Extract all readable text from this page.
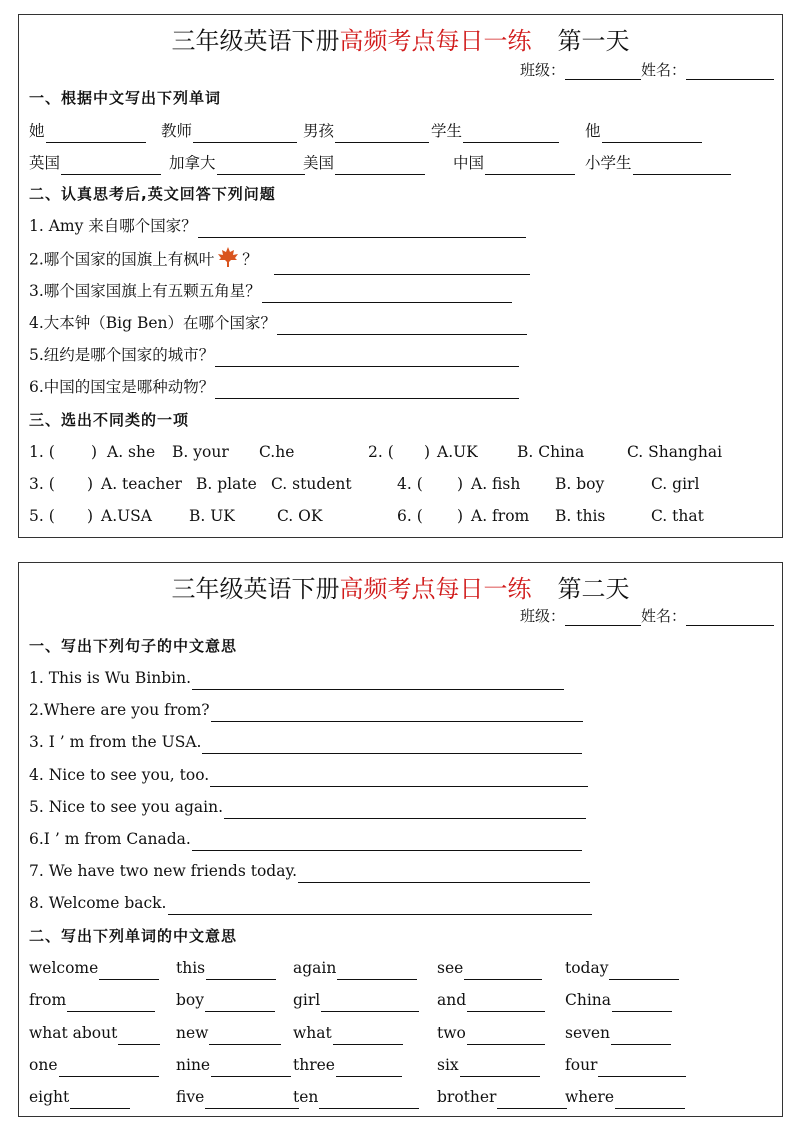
三年级英语下册高频考点每日一练 第一天
班级：	姓名：
一、根据中文写出下列单词
她	教师	男孩	学生	他
英国	加拿大	美国	中国	小学生
二、认真思考后,英文回答下列问题
1. Amy 来自哪个国家？
2.哪个国家的国旗上有枫叶 ？
3.哪个国家国旗上有五颗五角星？
4.大本钟（Big Ben）在哪个国家？
5.纽约是哪个国家的城市？
6.中国的国宝是哪种动物？
三、选出不同类的一项
1. ( ) A. she B. your C.he	2. ( ) A.UK	B. China	C. Shanghai
3. ( ) A. teacher B. plate C. student	4. ( ) A. fish B. boy	C. girl
5. ( ) A.USA B. UK	C. OK	6. ( ) A. from B. this	C. that
三年级英语下册高频考点每日一练 第二天
班级：	姓名：
一、写出下列句子的中文意思
1. This is Wu Binbin.
2.Where are you from?
3. I ’ m from the USA.
4. Nice to see you, too.
5. Nice to see you again.
6.I ’ m from Canada.
7. We have two new friends today.
8. Welcome back.
二、写出下列单词的中文意思
welcome	this	again	see	today
from	boy	girl	and	China
what about	new	what	two	seven
one	nine	three	six	four
eight	five	ten	brother	where
